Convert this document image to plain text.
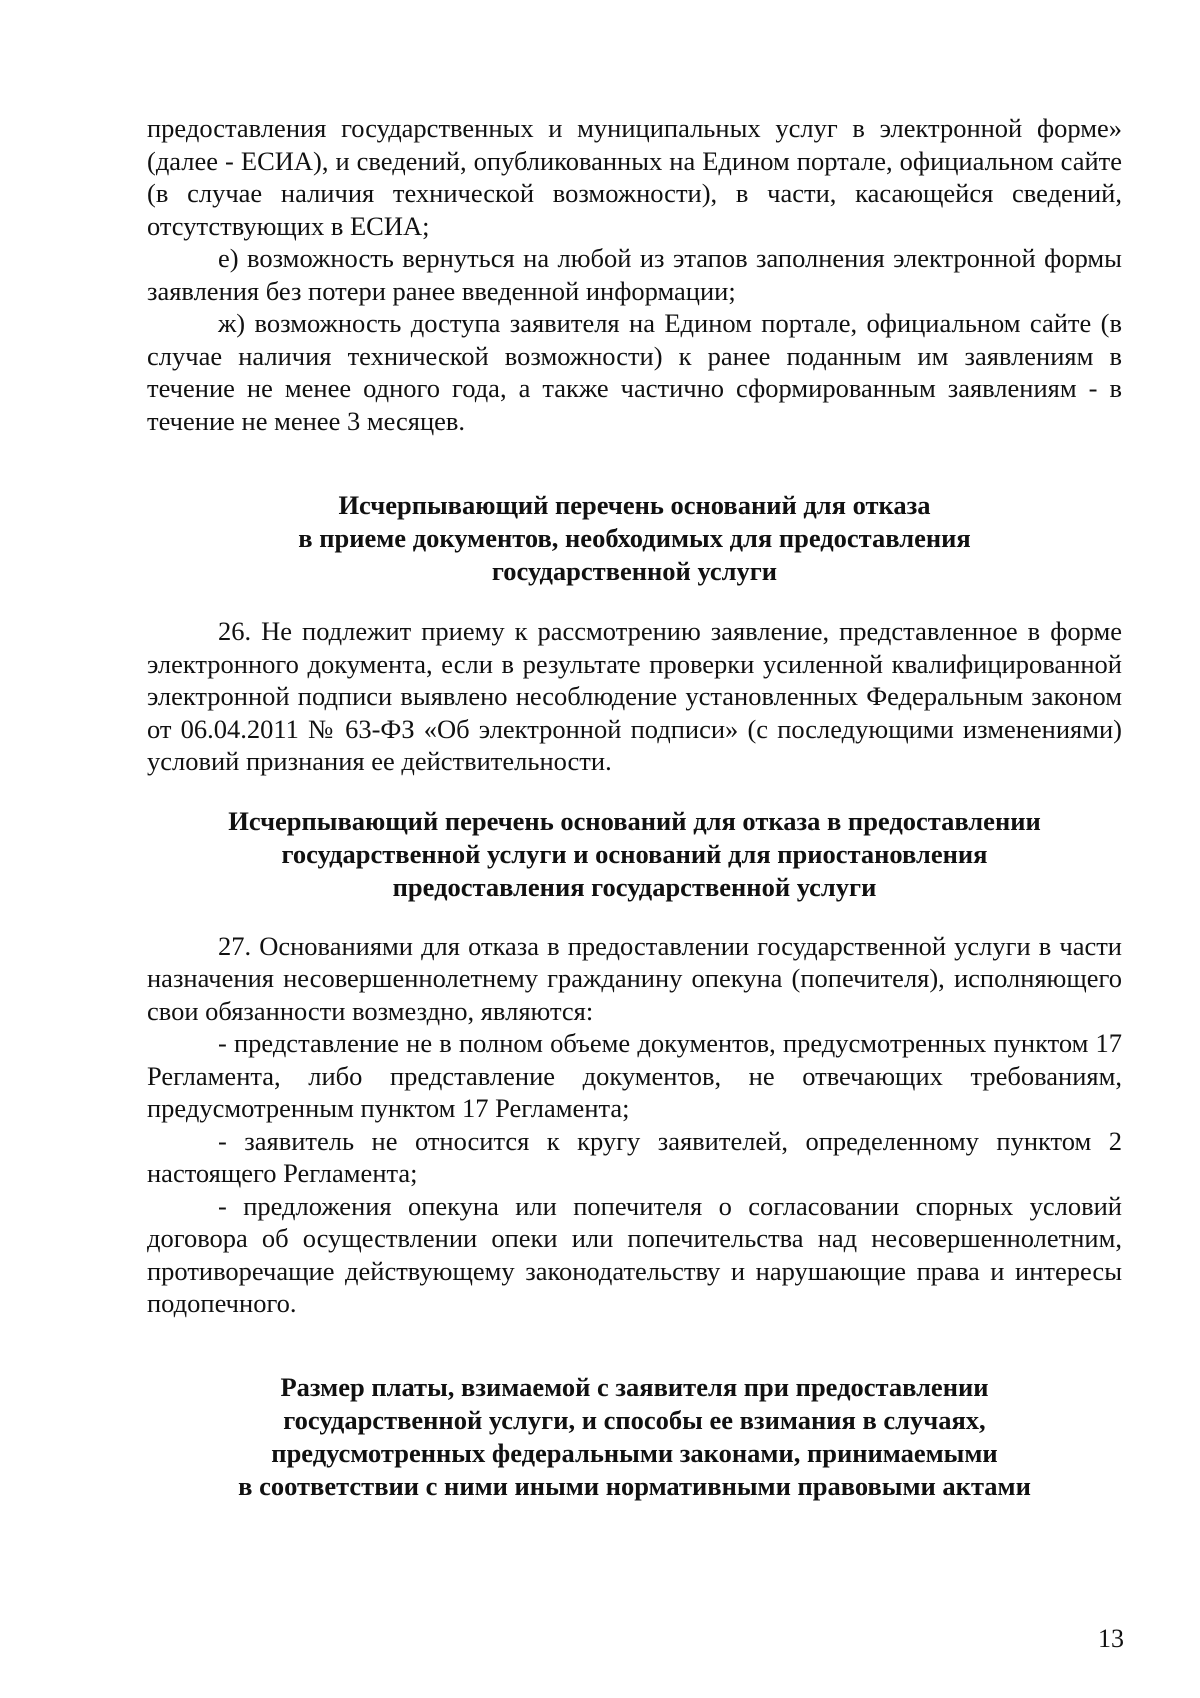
предоставления государственных и муниципальных услуг в электронной форме» (далее - ЕСИА), и сведений, опубликованных на Едином портале, официальном сайте (в случае наличия технической возможности), в части, касающейся сведений, отсутствующих в ЕСИА;

е) возможность вернуться на любой из этапов заполнения электронной формы заявления без потери ранее введенной информации;

ж) возможность доступа заявителя на Едином портале, официальном сайте (в случае наличия технической возможности) к ранее поданным им заявлениям в течение не менее одного года, а также частично сформированным заявлениям - в течение не менее 3 месяцев.

Исчерпывающий перечень оснований для отказа
в приеме документов, необходимых для предоставления
государственной услуги

26. Не подлежит приему к рассмотрению заявление, представленное в форме электронного документа, если в результате проверки усиленной квалифицированной электронной подписи выявлено несоблюдение установленных Федеральным законом от 06.04.2011 № 63-ФЗ «Об электронной подписи» (с последующими изменениями) условий признания ее действительности.

Исчерпывающий перечень оснований для отказа в предоставлении
государственной услуги и оснований для приостановления
предоставления государственной услуги

27. Основаниями для отказа в предоставлении государственной услуги в части назначения несовершеннолетнему гражданину опекуна (попечителя), исполняющего свои обязанности возмездно, являются:

- представление не в полном объеме документов, предусмотренных пунктом 17 Регламента, либо представление документов, не отвечающих требованиям, предусмотренным пунктом 17 Регламента;

- заявитель не относится к кругу заявителей, определенному пунктом 2 настоящего Регламента;

- предложения опекуна или попечителя о согласовании спорных условий договора об осуществлении опеки или попечительства над несовершеннолетним, противоречащие действующему законодательству и нарушающие права и интересы подопечного.

Размер платы, взимаемой с заявителя при предоставлении
государственной услуги, и способы ее взимания в случаях,
предусмотренных федеральными законами, принимаемыми
в соответствии с ними иными нормативными правовыми актами
13
